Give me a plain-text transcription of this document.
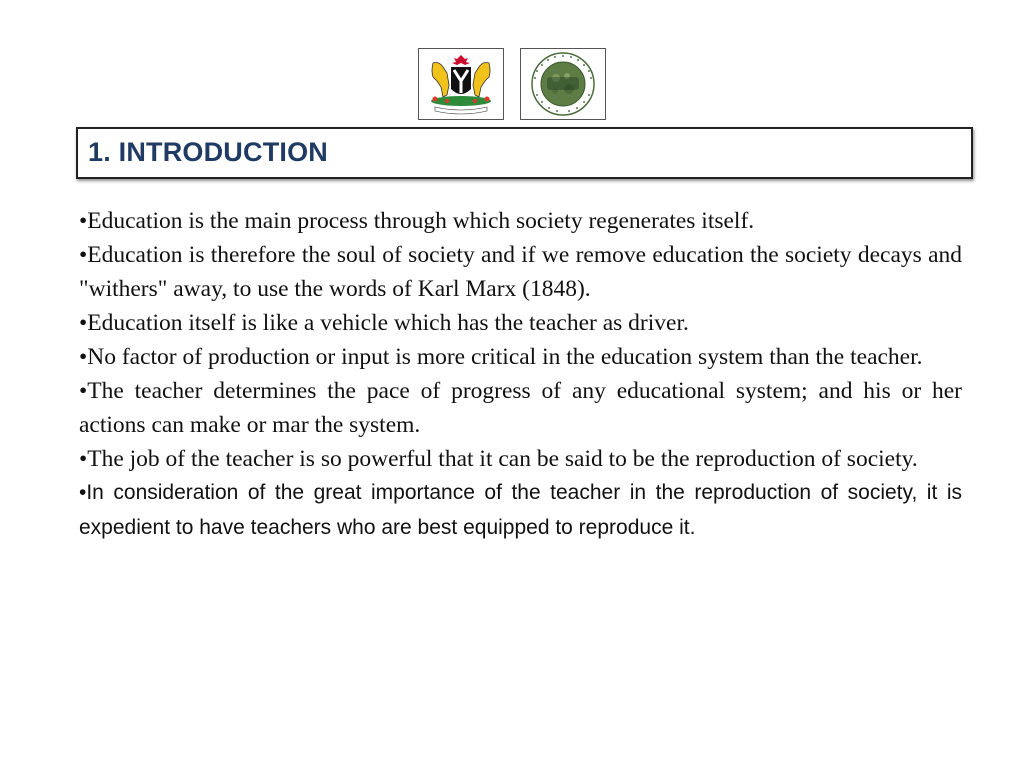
1. INTRODUCTION

•Education is the main process through which society regenerates itself.

•Education is therefore the soul of society and if we remove education the society decays and "withers" away, to use the words of Karl Marx (1848).

•Education itself is like a vehicle which has the teacher as driver.

•No factor of production or input is more critical in the education system than the teacher.

•The teacher determines the pace of progress of any educational system; and his or her actions can make or mar the system.

•The job of the teacher is so powerful that it can be said to be the reproduction of society.

•In consideration of the great importance of the teacher in the reproduction of society, it is expedient to have teachers who are best equipped to reproduce it.
